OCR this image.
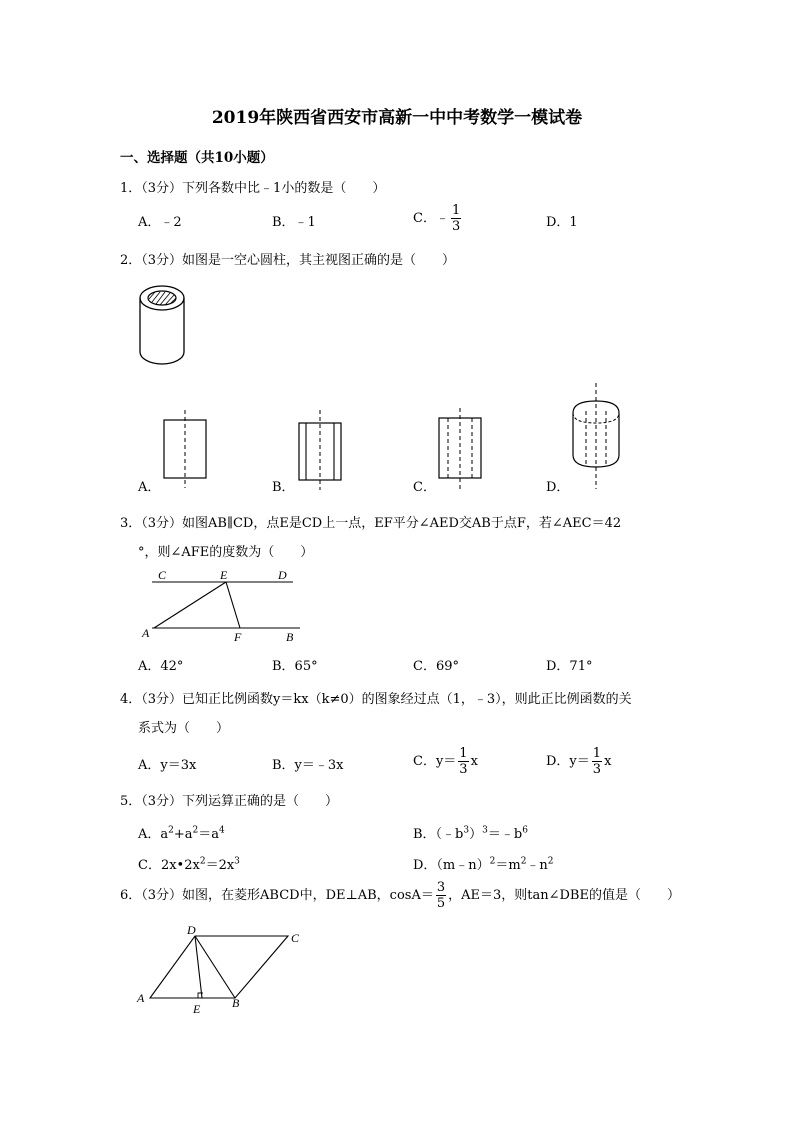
2019年陕西省西安市高新一中中考数学一模试卷
一、选择题（共10小题）
1．（3分）下列各数中比﹣1小的数是（　　）
A．﹣2	B．﹣1	C．﹣ $\frac{1}{3}$	D．1
2．（3分）如图是一空心圆柱，其主视图正确的是（　　）
A．	B．	C．	D．
3．（3分）如图AB∥CD，点E是CD上一点，EF平分∠AED交AB于点F，若∠AEC＝42
°，则∠AFE的度数为（　　）
C	E	D
A	F	B
A．42°	B．65°	C．69°	D．71°
4．（3分）已知正比例函数y＝kx（k≠0）的图象经过点（1，﹣3），则此正比例函数的关
系式为（　　）
A．y＝3x	B．y＝﹣3x	C．$y= \frac{1}{3}$ x	D．$y= \frac{1}{3}$ x
5．（3分）下列运算正确的是（　　）
A．$a^2+a^2=a^4$	B．$(﹣b^3)^3=﹣b^6$
C．$2x•2x^2=2x^3$	D．$(m﹣n)^2=m^2﹣n^2$
6．（3分）如图，在菱形ABCD中，DE⊥AB，$\cos A= \frac{3}{5}$ ，AE＝3，则tan∠DBE的值是（　　）
D
C
A
E	B
